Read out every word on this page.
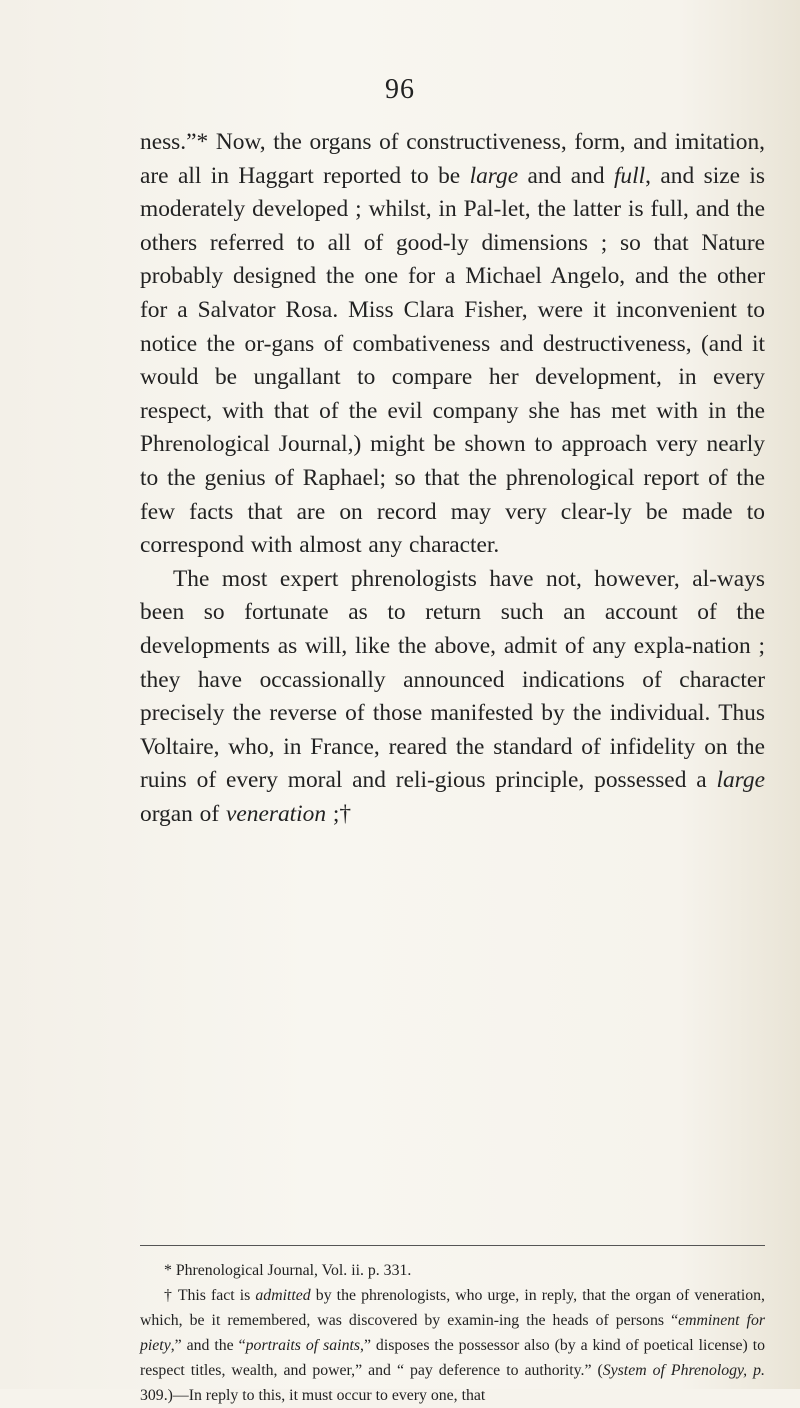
96

ness.”* Now, the organs of constructiveness, form, and imitation, are all in Haggart reported to be large and and full, and size is moderately developed ; whilst, in Pal-let, the latter is full, and the others referred to all of good-ly dimensions ; so that Nature probably designed the one for a Michael Angelo, and the other for a Salvator Rosa. Miss Clara Fisher, were it inconvenient to notice the or-gans of combativeness and destructiveness, (and it would be ungallant to compare her development, in every respect, with that of the evil company she has met with in the Phrenological Journal,) might be shown to approach very nearly to the genius of Raphael; so that the phrenological report of the few facts that are on record may very clear-ly be made to correspond with almost any character.

The most expert phrenologists have not, however, al-ways been so fortunate as to return such an account of the developments as will, like the above, admit of any expla-nation ; they have occassionally announced indications of character precisely the reverse of those manifested by the individual. Thus Voltaire, who, in France, reared the standard of infidelity on the ruins of every moral and reli-gious principle, possessed a large organ of veneration ;†

* Phrenological Journal, Vol. ii. p. 331.

† This fact is admitted by the phrenologists, who urge, in reply, that the organ of veneration, which, be it remembered, was discovered by examin-ing the heads of persons “emminent for piety,” and the “portraits of saints,” disposes the possessor also (by a kind of poetical license) to respect titles, wealth, and power,” and “ pay deference to authority.” (System of Phrenology, p. 309.)—In reply to this, it must occur to every one, that
